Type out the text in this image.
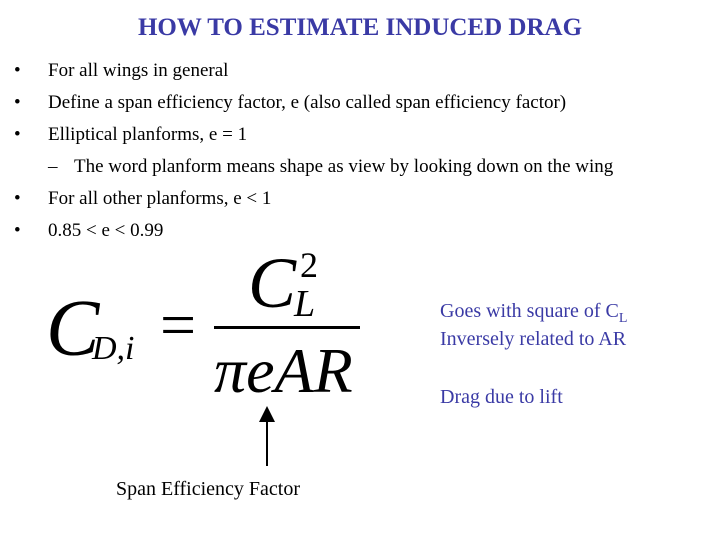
HOW TO ESTIMATE INDUCED DRAG
• For all wings in general
• Define a span efficiency factor, e (also called span efficiency factor)
• Elliptical planforms, e = 1
– The word planform means shape as view by looking down on the wing
• For all other planforms, e < 1
• 0.85 < e < 0.99
C
D,i =
C 2
L
πeAR
Span Efficiency Factor
Goes with square of $C_L$
Inversely related to AR
Drag due to lift
